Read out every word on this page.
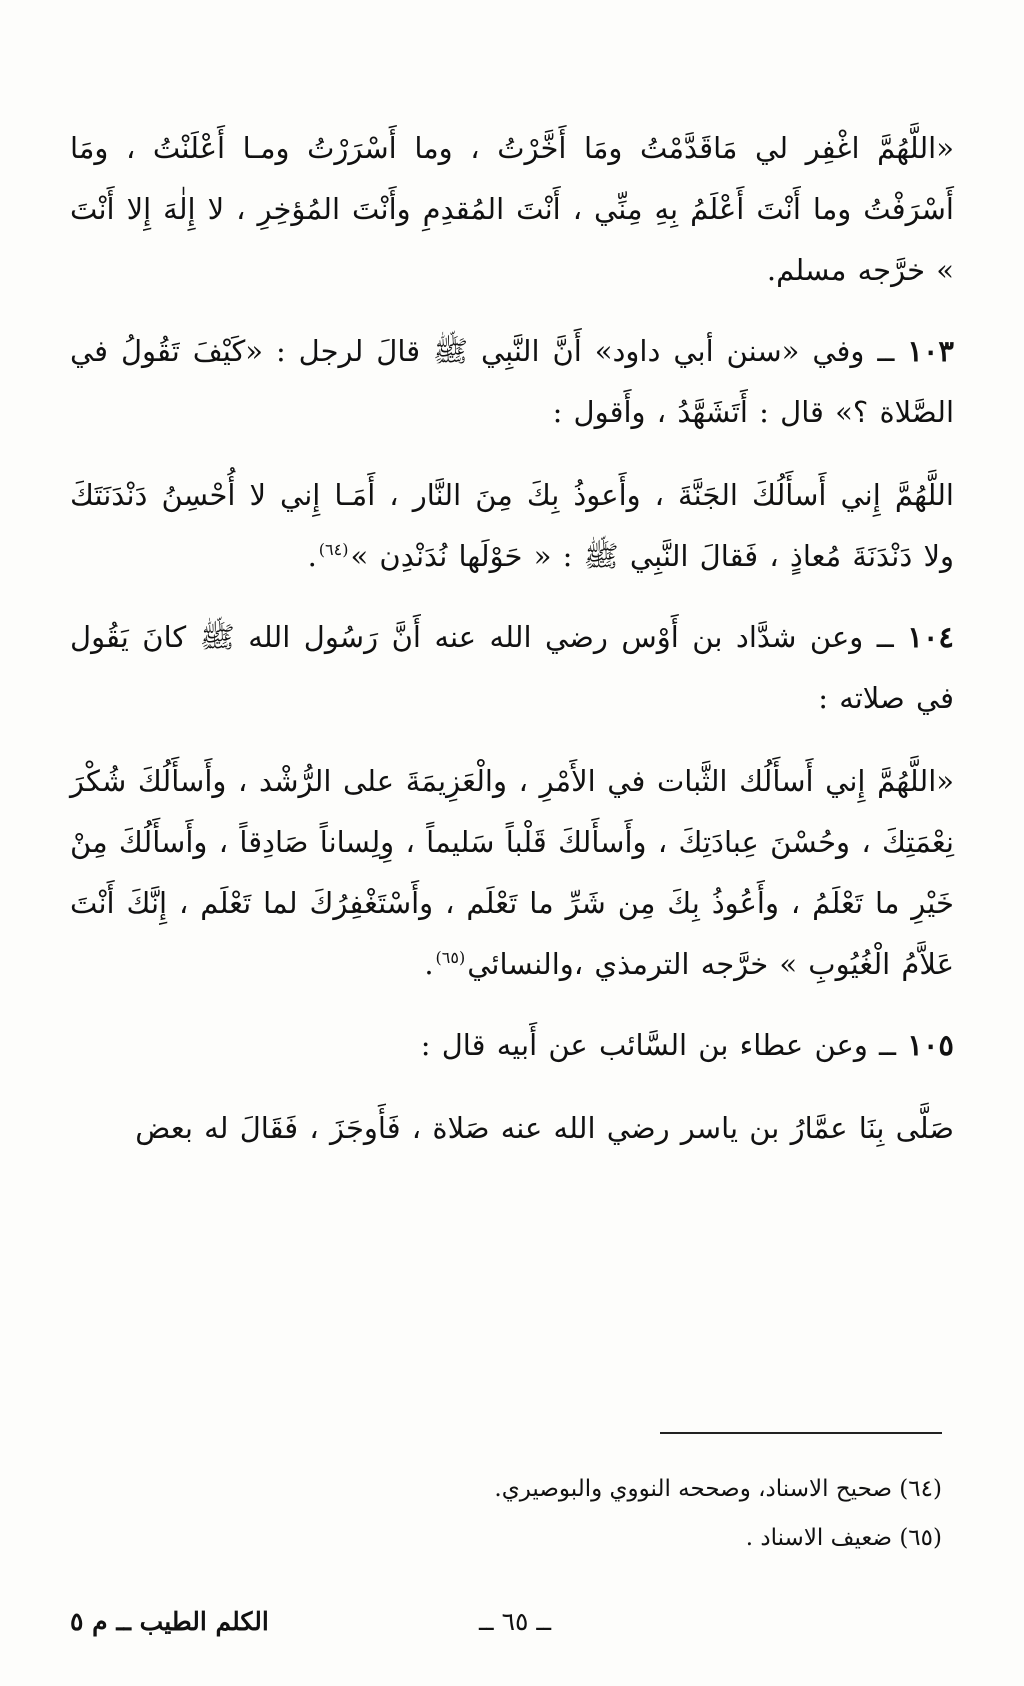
«اللَّهُمَّ اغْفِر لي مَاقَدَّمْتُ ومَا أَخَّرْتُ ، وما أَسْرَرْتُ ومـا أَعْلَنْتُ ، ومَا أَسْرَفْتُ وما أَنْتَ أَعْلَمُ بِهِ مِنِّي ، أَنْتَ المُقدِمِ وأَنْتَ المُؤخِرِ ، لا إِلٰهَ إِلا أَنْتَ » خرَّجه مسلم.

١٠٣ ــ وفي «سنن أبي داود» أَنَّ النَّبِي ﷺ قالَ لرجل : «كَيْفَ تَقُولُ في الصَّلاة ؟» قال : أَتَشَهَّدُ ، وأَقول :

اللَّهُمَّ إِني أَسأَلُكَ الجَنَّةَ ، وأَعوذُ بِكَ مِنَ النَّار ، أَمَـا إِني لا أُحْسِنُ دَنْدَنَتَكَ ولا دَنْدَنَةَ مُعاذٍ ، فَقالَ النَّبِي ﷺ : « حَوْلَها نُدَنْدِن »$^{(٦٤)}$.

١٠٤ ــ وعن شدَّاد بن أَوْس رضي الله عنه أَنَّ رَسُول الله ﷺ كانَ يَقُول في صلاته :

«اللَّهُمَّ إِني أَسأَلُك الثَّبات في الأَمْرِ ، والْعَزِيمَةَ على الرُّشْد ، وأَسأَلُكَ شُكْرَ نِعْمَتِكَ ، وحُسْنَ عِبادَتِكَ ، وأَسأَلكَ قَلْباً سَليماً ، وِلِساناً صَادِقاً ، وأَسأَلُكَ مِنْ خَيْرِ ما تَعْلَمُ ، وأَعُوذُ بِكَ مِن شَرِّ ما تَعْلَم ، وأَسْتَغْفِرُكَ لما تَعْلَم ، إِنَّكَ أَنْتَ عَلاَّمُ الْغُيُوبِ » خرَّجه الترمذي ،والنسائي$^{(٦٥)}$.

١٠٥ ــ وعن عطاء بن السَّائب عن أَبيه قال :

صَلَّى بِنَا عمَّارُ بن ياسر رضي الله عنه صَلاة ، فَأَوجَزَ ، فَقَالَ له بعض

(٦٤) صحيح الاسناد، وصححه النووي والبوصيري.
(٦٥) ضعيف الاسناد .
الكلم الطيب ــ م ٥	ــ ٦٥ ــ
